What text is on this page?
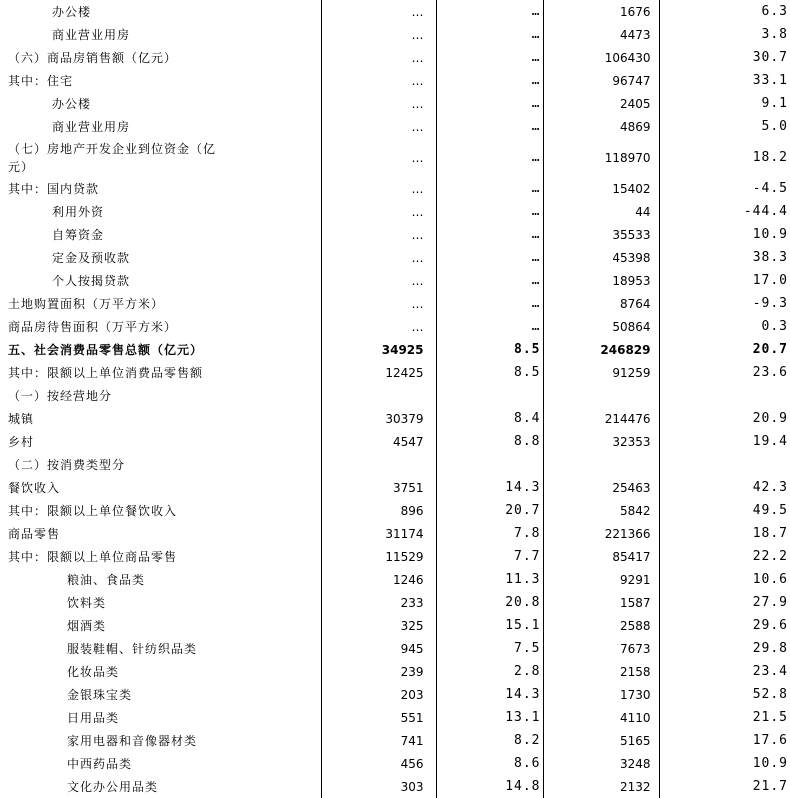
办公楼	…	…	1676	6.3
商业营业用房	…	…	4473	3.8
（六）商品房销售额（亿元）	…	…	106430	30.7
其中：住宅	…	…	96747	33.1
办公楼	…	…	2405	9.1
商业营业用房	…	…	4869	5.0
（七）房地产开发企业到位资金（亿元）	…	…	118970	18.2
其中：国内贷款	…	…	15402	-4.5
利用外资	…	…	44	-44.4
自筹资金	…	…	35533	10.9
定金及预收款	…	…	45398	38.3
个人按揭贷款	…	…	18953	17.0
土地购置面积（万平方米）	…	…	8764	-9.3
商品房待售面积（万平方米）	…	…	50864	0.3
五、社会消费品零售总额（亿元）	34925	8.5	246829	20.7
其中：限额以上单位消费品零售额	12425	8.5	91259	23.6
（一）按经营地分				
城镇	30379	8.4	214476	20.9
乡村	4547	8.8	32353	19.4
（二）按消费类型分				
餐饮收入	3751	14.3	25463	42.3
其中：限额以上单位餐饮收入	896	20.7	5842	49.5
商品零售	31174	7.8	221366	18.7
其中：限额以上单位商品零售	11529	7.7	85417	22.2
粮油、食品类	1246	11.3	9291	10.6
饮料类	233	20.8	1587	27.9
烟酒类	325	15.1	2588	29.6
服装鞋帽、针纺织品类	945	7.5	7673	29.8
化妆品类	239	2.8	2158	23.4
金银珠宝类	203	14.3	1730	52.8
日用品类	551	13.1	4110	21.5
家用电器和音像器材类	741	8.2	5165	17.6
中西药品类	456	8.6	3248	10.9
文化办公用品类	303	14.8	2132	21.7
